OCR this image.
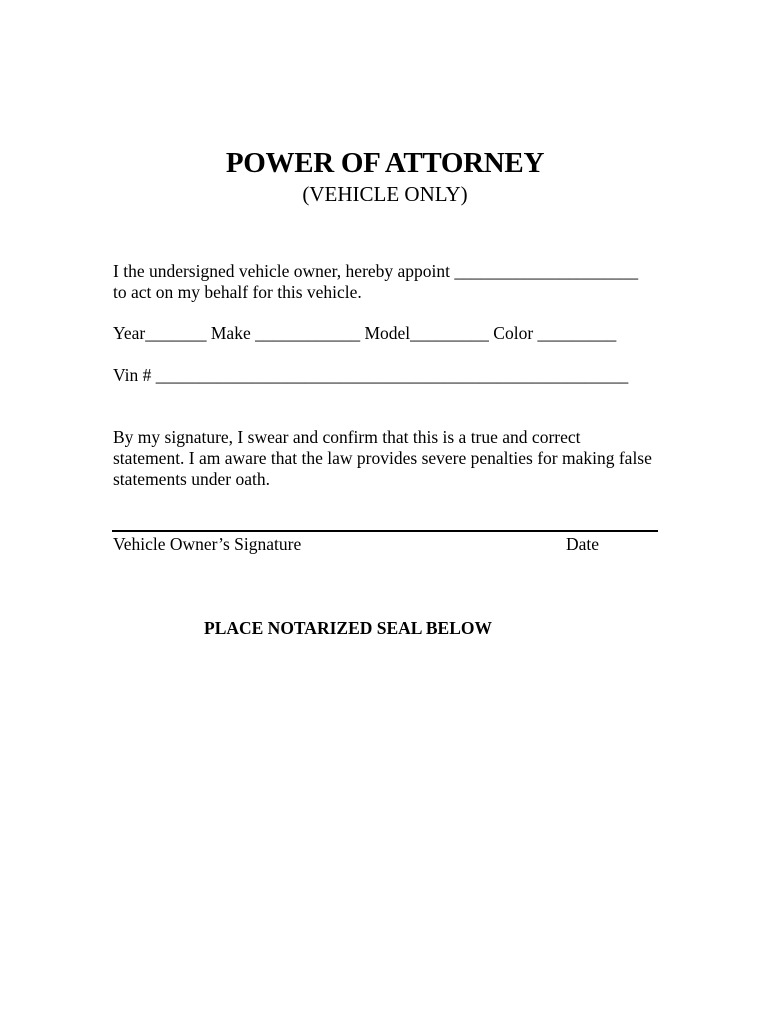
POWER OF ATTORNEY
(VEHICLE ONLY)
I the undersigned vehicle owner, hereby appoint _____________________
to act on my behalf for this vehicle.
Year_______ Make ____________ Model_________ Color _________
Vin # ______________________________________________________
By my signature, I swear and confirm that this is a true and correct
statement. I am aware that the law provides severe penalties for making false
statements under oath.
Vehicle Owner’s Signature	Date
PLACE NOTARIZED SEAL BELOW
